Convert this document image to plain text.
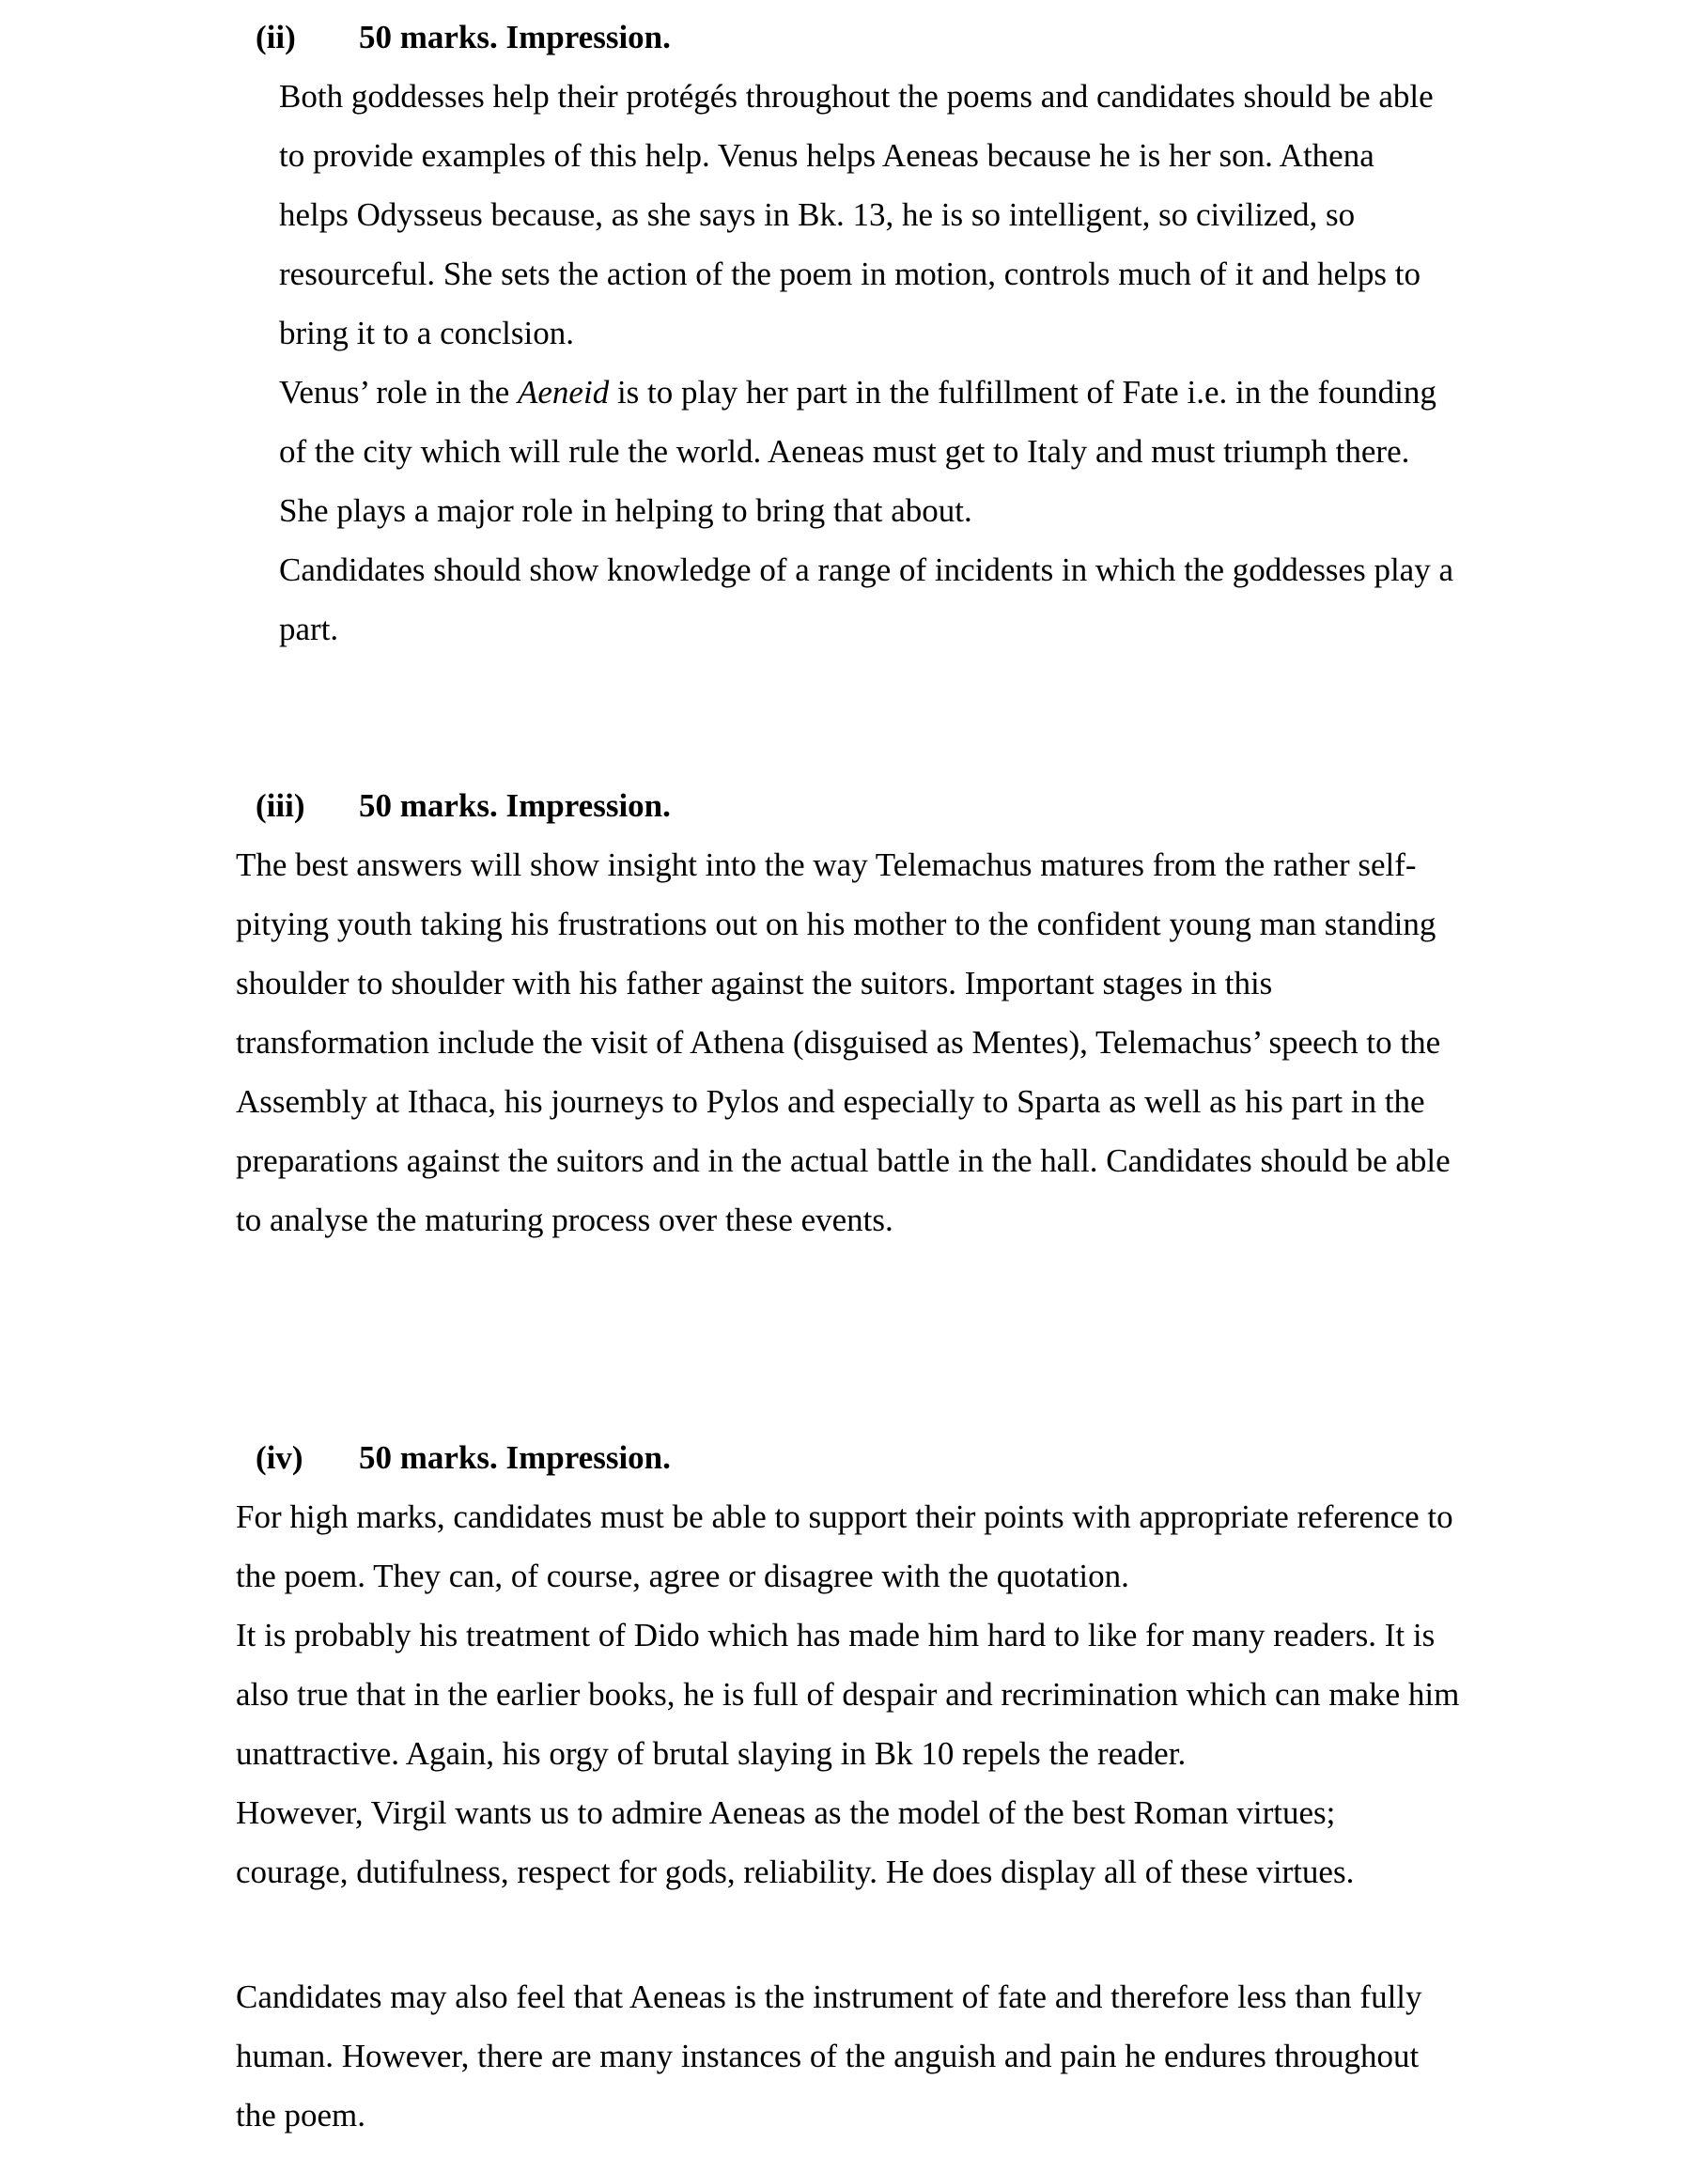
(ii) 50 marks. Impression.
Both goddesses help their protégés throughout the poems and candidates should be able
to provide examples of this help. Venus helps Aeneas because he is her son. Athena
helps Odysseus because, as she says in Bk. 13, he is so intelligent, so civilized, so
resourceful. She sets the action of the poem in motion, controls much of it and helps to
bring it to a conclsion.
Venus’ role in the Aeneid is to play her part in the fulfillment of Fate i.e. in the founding
of the city which will rule the world. Aeneas must get to Italy and must triumph there.
She plays a major role in helping to bring that about.
Candidates should show knowledge of a range of incidents in which the goddesses play a
part.
(iii) 50 marks. Impression.
The best answers will show insight into the way Telemachus matures from the rather self-
pitying youth taking his frustrations out on his mother to the confident young man standing
shoulder to shoulder with his father against the suitors. Important stages in this
transformation include the visit of Athena (disguised as Mentes), Telemachus’ speech to the
Assembly at Ithaca, his journeys to Pylos and especially to Sparta as well as his part in the
preparations against the suitors and in the actual battle in the hall. Candidates should be able
to analyse the maturing process over these events.
(iv) 50 marks. Impression.
For high marks, candidates must be able to support their points with appropriate reference to
the poem. They can, of course, agree or disagree with the quotation.
It is probably his treatment of Dido which has made him hard to like for many readers. It is
also true that in the earlier books, he is full of despair and recrimination which can make him
unattractive. Again, his orgy of brutal slaying in Bk 10 repels the reader.
However, Virgil wants us to admire Aeneas as the model of the best Roman virtues;
courage, dutifulness, respect for gods, reliability. He does display all of these virtues.
Candidates may also feel that Aeneas is the instrument of fate and therefore less than fully
human. However, there are many instances of the anguish and pain he endures throughout
the poem.
